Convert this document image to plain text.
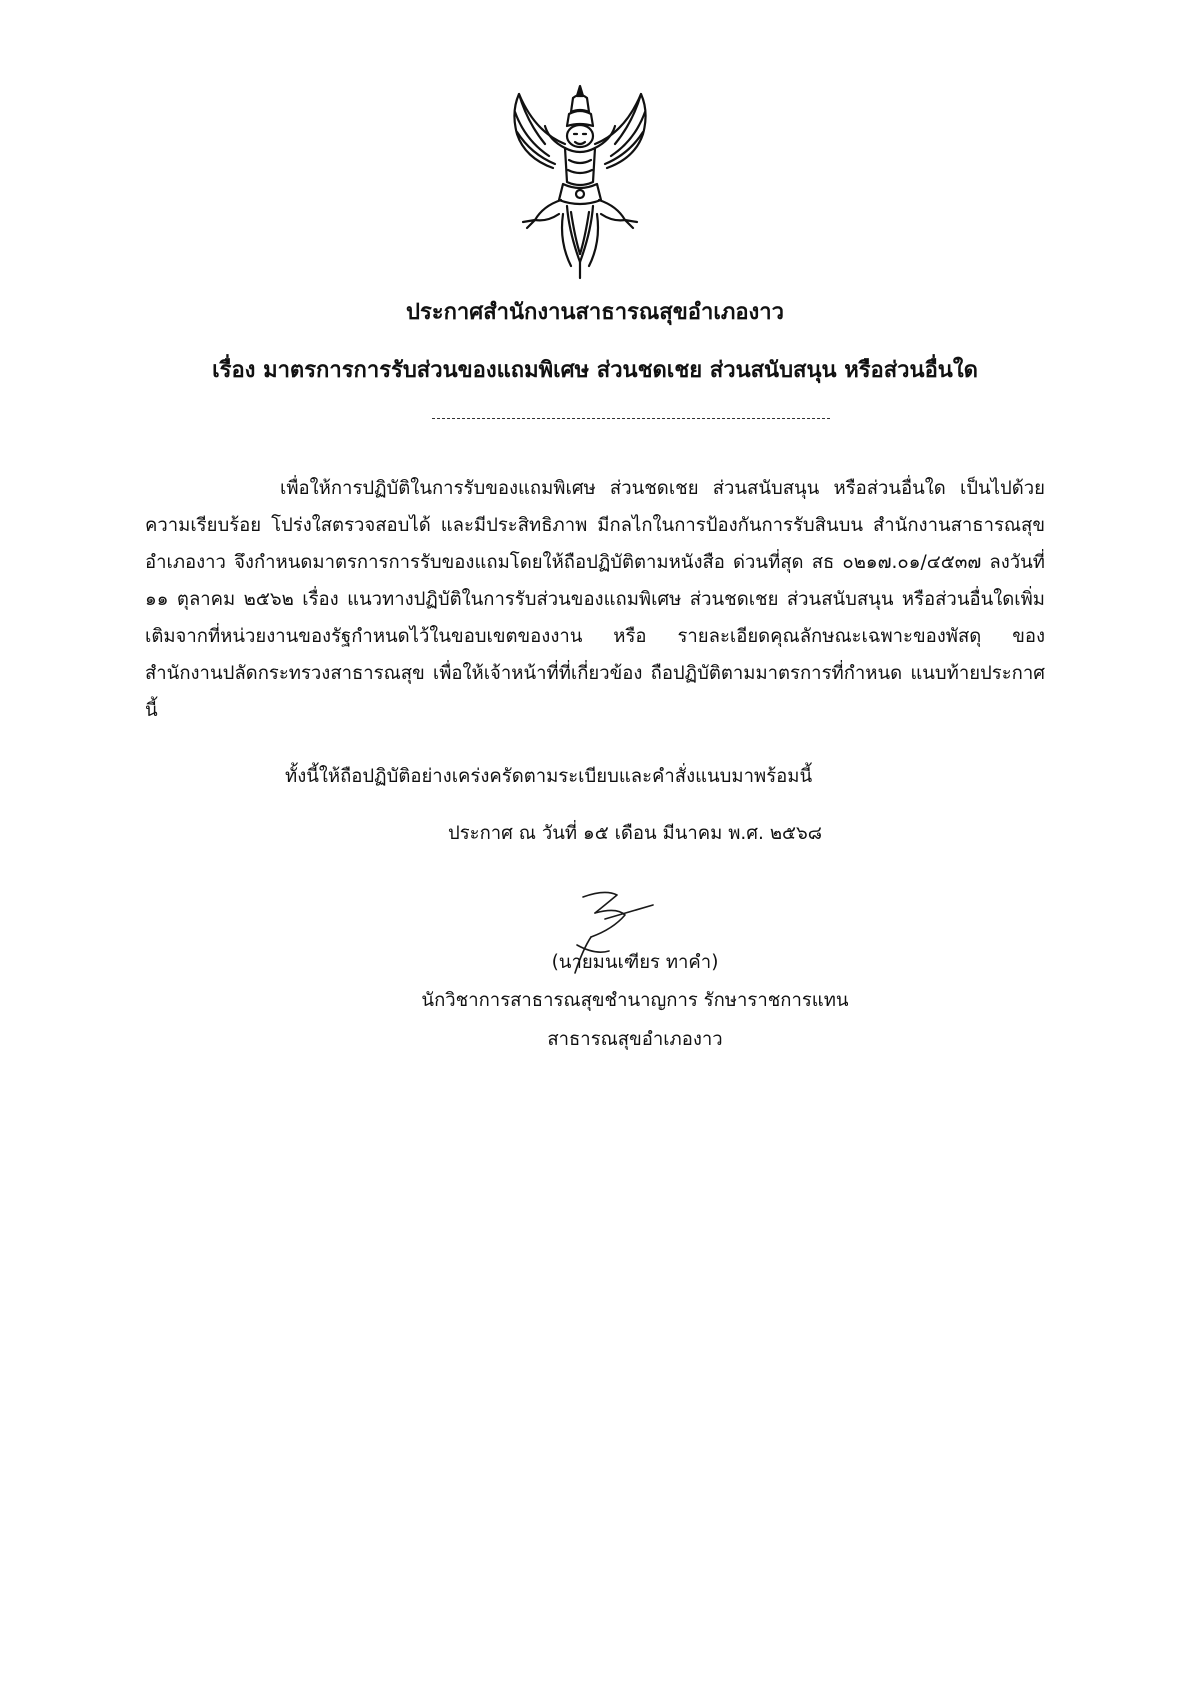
ประกาศสำนักงานสาธารณสุขอำเภองาว
เรื่อง มาตรการการรับส่วนของแถมพิเศษ ส่วนชดเชย ส่วนสนับสนุน หรือส่วนอื่นใด
เพื่อให้การปฏิบัติในการรับของแถมพิเศษ ส่วนชดเชย ส่วนสนับสนุน หรือส่วนอื่นใด เป็นไปด้วยความเรียบร้อย โปร่งใสตรวจสอบได้ และมีประสิทธิภาพ มีกลไกในการป้องกันการรับสินบน สำนักงานสาธารณสุขอำเภองาว จึงกำหนดมาตรการการรับของแถมโดยให้ถือปฏิบัติตามหนังสือ ด่วนที่สุด สธ ๐๒๑๗.๐๑/๔๕๓๗ ลงวันที่ ๑๑ ตุลาคม ๒๕๖๒ เรื่อง แนวทางปฏิบัติในการรับส่วนของแถมพิเศษ ส่วนชดเชย ส่วนสนับสนุน หรือส่วนอื่นใดเพิ่มเติมจากที่หน่วยงานของรัฐกำหนดไว้ในขอบเขตของงาน หรือ รายละเอียดคุณลักษณะเฉพาะของพัสดุ ของสำนักงานปลัดกระทรวงสาธารณสุข เพื่อให้เจ้าหน้าที่ที่เกี่ยวข้อง ถือปฏิบัติตามมาตรการที่กำหนด แนบท้ายประกาศนี้
ทั้งนี้ให้ถือปฏิบัติอย่างเคร่งครัดตามระเบียบและคำสั่งแนบมาพร้อมนี้
ประกาศ ณ วันที่ ๑๕ เดือน มีนาคม พ.ศ. ๒๕๖๘
(นายมนเฑียร ทาคำ)
นักวิชาการสาธารณสุขชำนาญการ รักษาราชการแทน
สาธารณสุขอำเภองาว
